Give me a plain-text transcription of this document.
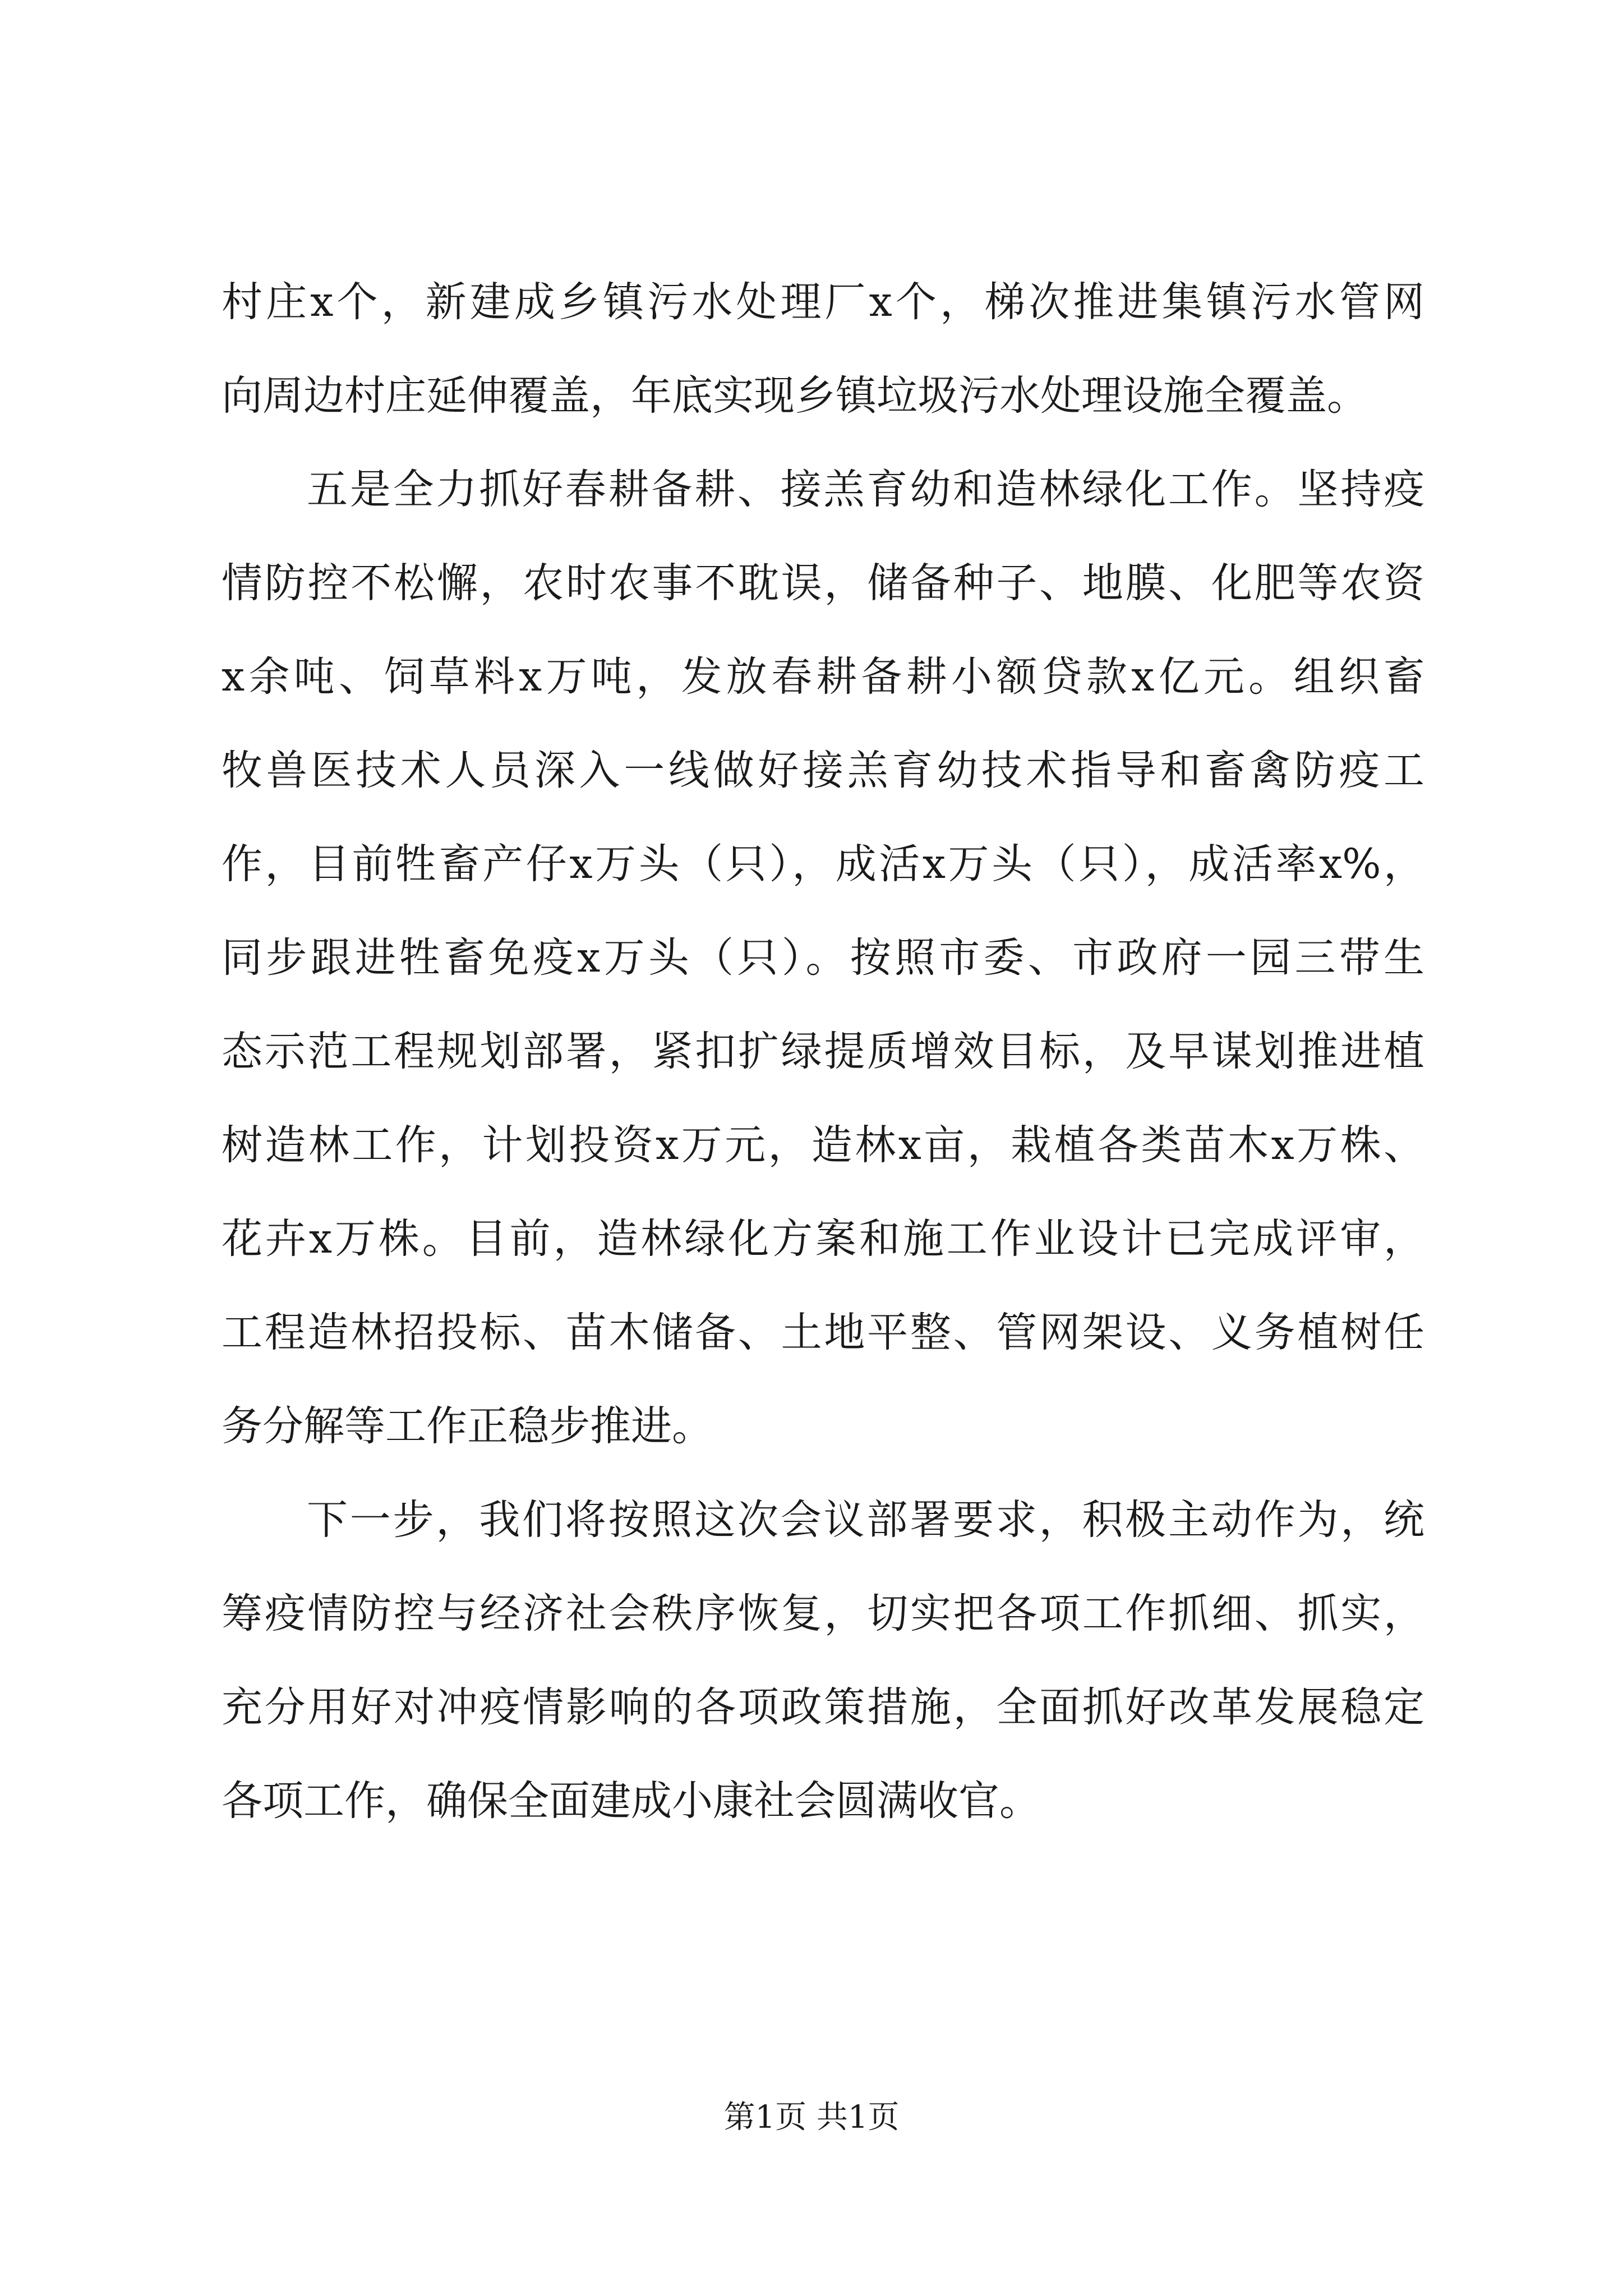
村庄x个，新建成乡镇污水处理厂x个，梯次推进集镇污水管网
向周边村庄延伸覆盖，年底实现乡镇垃圾污水处理设施全覆盖。
五是全力抓好春耕备耕、接羔育幼和造林绿化工作。坚持疫
情防控不松懈，农时农事不耽误，储备种子、地膜、化肥等农资
x余吨、饲草料x万吨，发放春耕备耕小额贷款x亿元。组织畜
牧兽医技术人员深入一线做好接羔育幼技术指导和畜禽防疫工
作，目前牲畜产仔x万头（只），成活x万头（只），成活率x%，
同步跟进牲畜免疫x万头（只）。按照市委、市政府一园三带生
态示范工程规划部署，紧扣扩绿提质增效目标，及早谋划推进植
树造林工作，计划投资x万元，造林x亩，栽植各类苗木x万株、
花卉x万株。目前，造林绿化方案和施工作业设计已完成评审，
工程造林招投标、苗木储备、土地平整、管网架设、义务植树任
务分解等工作正稳步推进。
下一步，我们将按照这次会议部署要求，积极主动作为，统
筹疫情防控与经济社会秩序恢复，切实把各项工作抓细、抓实，
充分用好对冲疫情影响的各项政策措施，全面抓好改革发展稳定
各项工作，确保全面建成小康社会圆满收官。
第1页 共1页
